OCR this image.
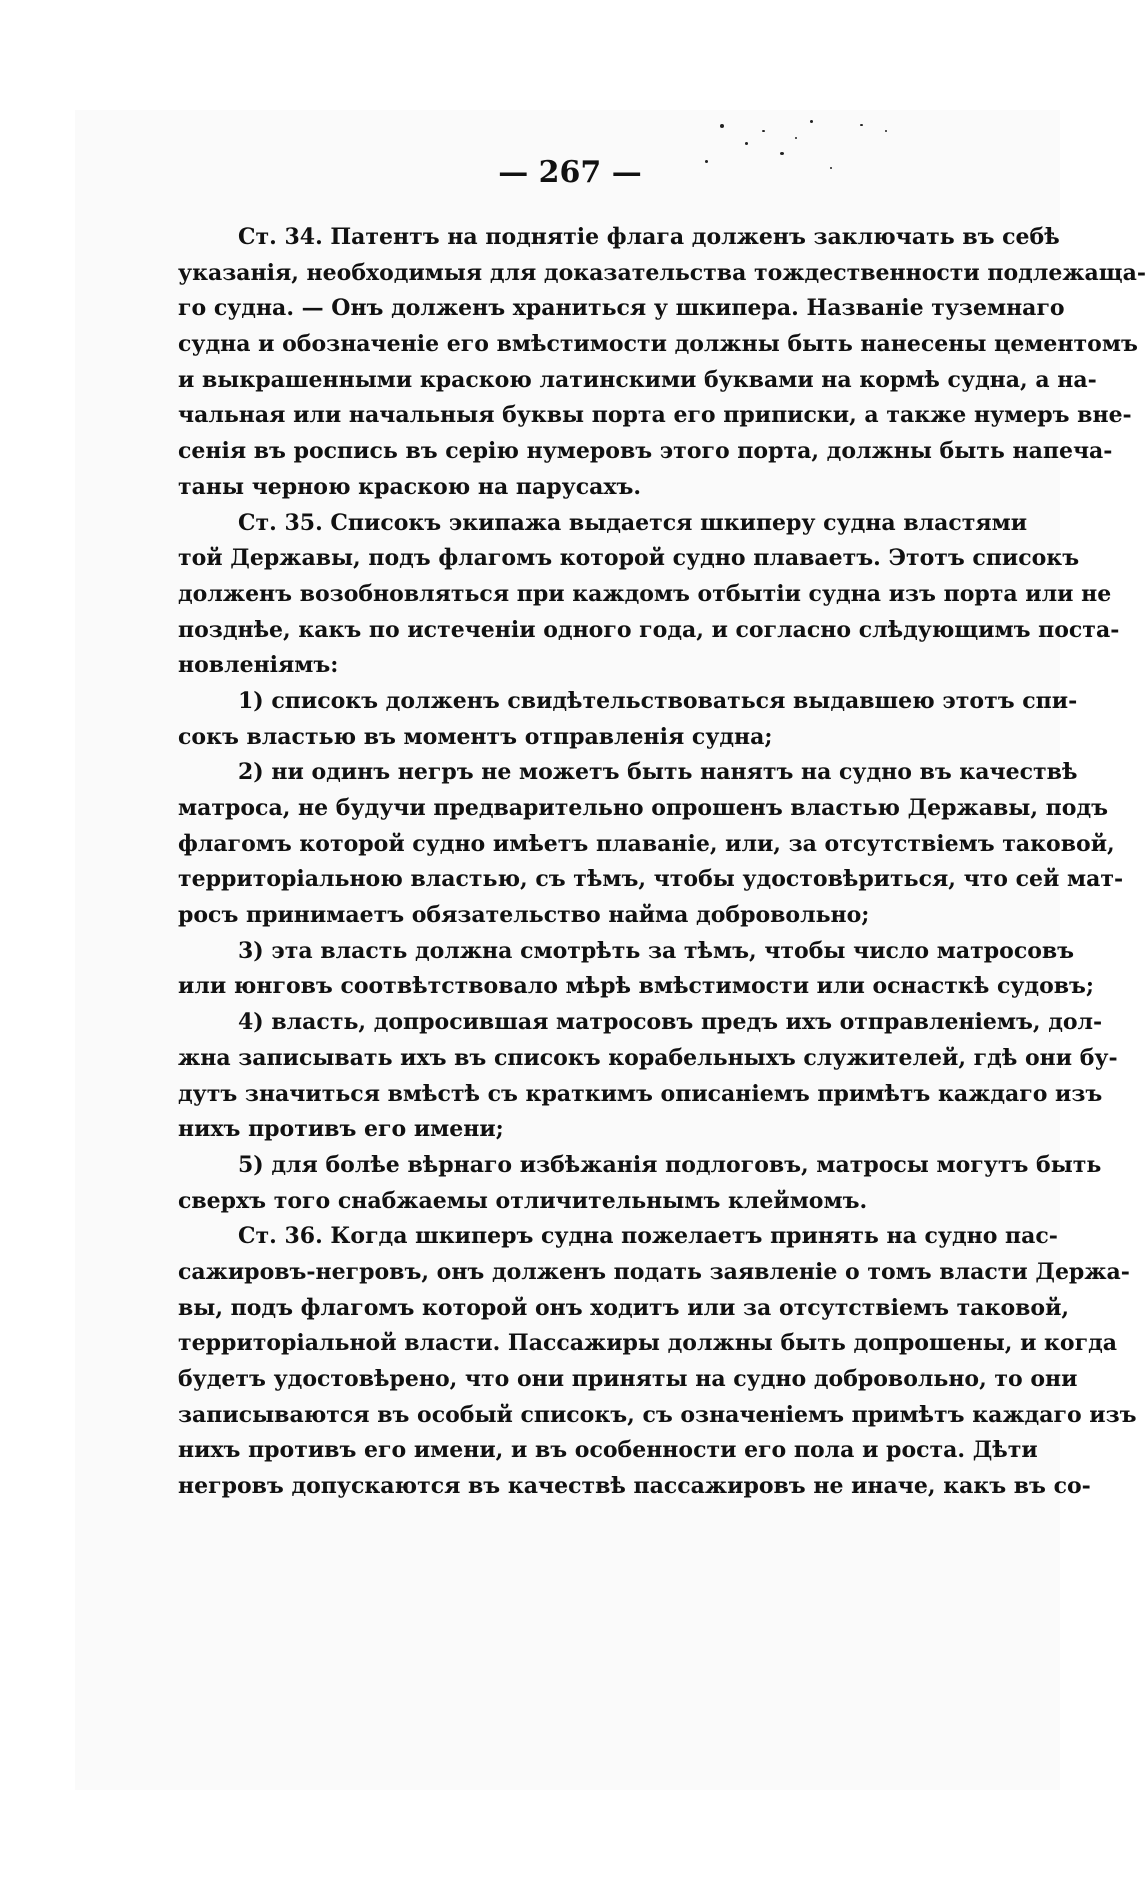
— 267 —
Ст. 34. Патентъ на поднятіе флага долженъ заключать въ себѣ
указанія, необходимыя для доказательства тождественности подлежаща-
го судна. — Онъ долженъ храниться у шкипера. Названіе туземнаго
судна и обозначеніе его вмѣстимости должны быть нанесены цементомъ
и выкрашенными краскою латинскими буквами на кормѣ судна, а на-
чальная или начальныя буквы порта его приписки, а также нумеръ вне-
сенія въ роспись въ серію нумеровъ этого порта, должны быть напеча-
таны черною краскою на парусахъ.
Ст. 35. Списокъ экипажа выдается шкиперу судна властями
той Державы, подъ флагомъ которой судно плаваетъ. Этотъ списокъ
долженъ возобновляться при каждомъ отбытіи судна изъ порта или не
позднѣе, какъ по истеченіи одного года, и согласно слѣдующимъ поста-
новленіямъ:
1) списокъ долженъ свидѣтельствоваться выдавшею этотъ спи-
сокъ властью въ моментъ отправленія судна;
2) ни одинъ негръ не можетъ быть нанятъ на судно въ качествѣ
матроса, не будучи предварительно опрошенъ властью Державы, подъ
флагомъ которой судно имѣетъ плаваніе, или, за отсутствіемъ таковой,
территоріальною властью, съ тѣмъ, чтобы удостовѣриться, что сей мат-
росъ принимаетъ обязательство найма добровольно;
3) эта власть должна смотрѣть за тѣмъ, чтобы число матросовъ
или юнговъ соотвѣтствовало мѣрѣ вмѣстимости или оснасткѣ судовъ;
4) власть, допросившая матросовъ предъ ихъ отправленіемъ, дол-
жна записывать ихъ въ списокъ корабельныхъ служителей, гдѣ они бу-
дутъ значиться вмѣстѣ съ краткимъ описаніемъ примѣтъ каждаго изъ
нихъ противъ его имени;
5) для болѣе вѣрнаго избѣжанія подлоговъ, матросы могутъ быть
сверхъ того снабжаемы отличительнымъ клеймомъ.
Ст. 36. Когда шкиперъ судна пожелаетъ принять на судно пас-
сажировъ-негровъ, онъ долженъ подать заявленіе о томъ власти Держа-
вы, подъ флагомъ которой онъ ходитъ или за отсутствіемъ таковой,
территоріальной власти. Пассажиры должны быть допрошены, и когда
будетъ удостовѣрено, что они приняты на судно добровольно, то они
записываются въ особый списокъ, съ означеніемъ примѣтъ каждаго изъ
нихъ противъ его имени, и въ особенности его пола и роста. Дѣти
негровъ допускаются въ качествѣ пассажировъ не иначе, какъ въ со-
